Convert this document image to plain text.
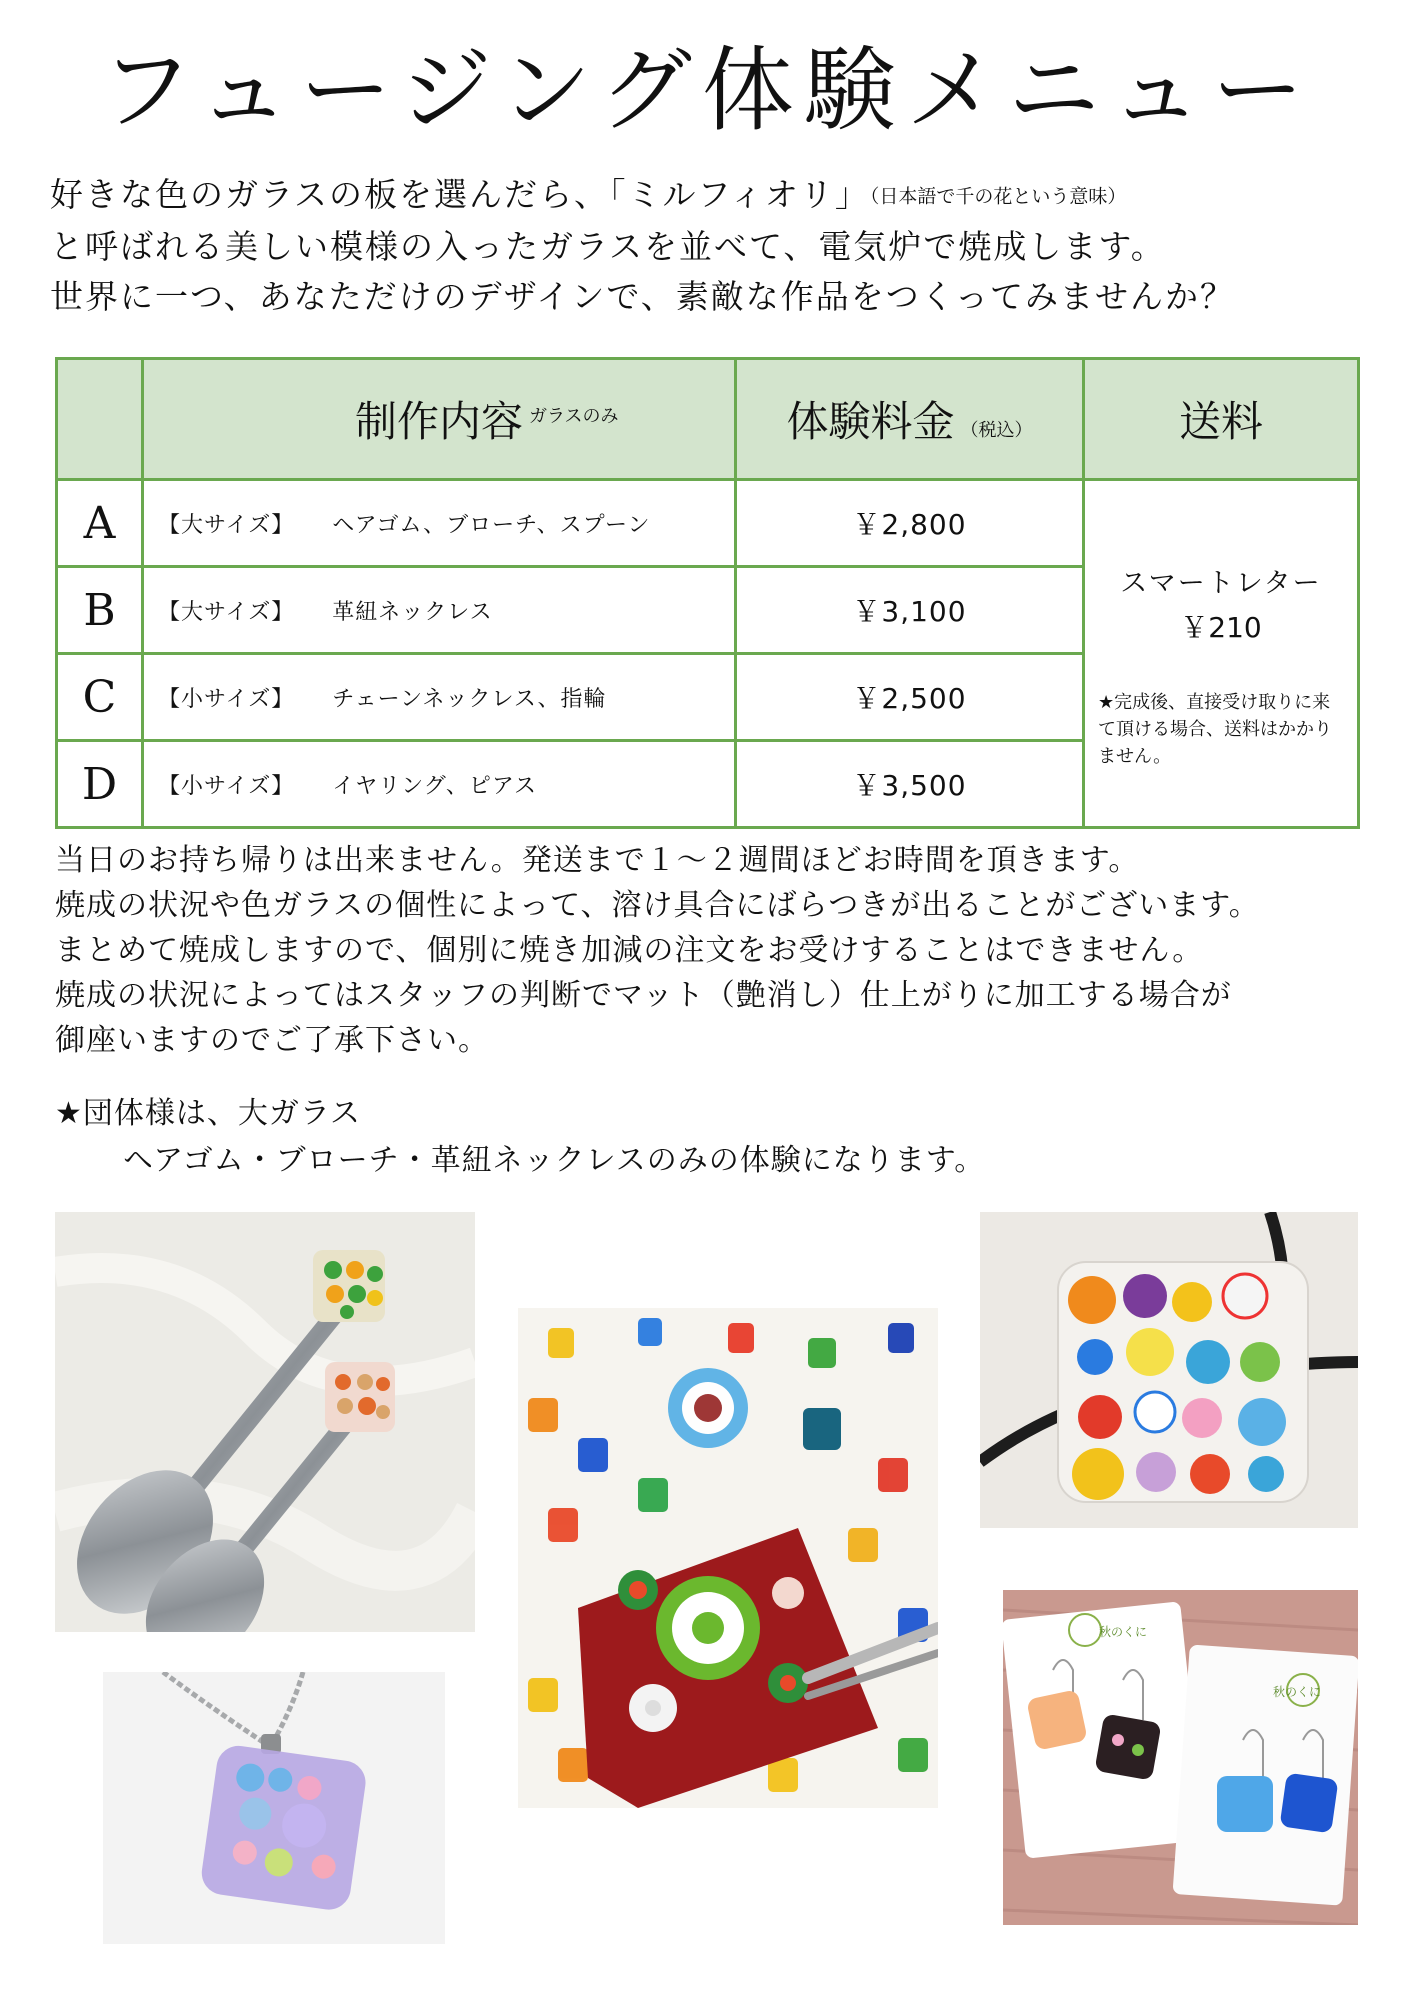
フュージング体験メニュー
好きな色のガラスの板を選んだら、「ミルフィオリ」（日本語で千の花という意味）
と呼ばれる美しい模様の入ったガラスを並べて、電気炉で焼成します。
世界に一つ、あなただけのデザインで、素敵な作品をつくってみませんか？
	制作内容 ガラスのみ	体験料金 （税込）	送料
A	【大サイズ】 ヘアゴム、ブローチ、スプーン	￥2,800	スマートレター
￥210
★完成後、直接受け取りに来て頂ける場合、送料はかかりません。

B	【大サイズ】 革紐ネックレス	￥3,100	
C	【小サイズ】 チェーンネックレス、指輪	￥2,500	
D	【小サイズ】 イヤリング、ピアス	￥3,500	
当日のお持ち帰りは出来ません。発送まで１～２週間ほどお時間を頂きます。
焼成の状況や色ガラスの個性によって、溶け具合にばらつきが出ることがございます。
まとめて焼成しますので、個別に焼き加減の注文をお受けすることはできません。
焼成の状況によってはスタッフの判断でマット（艶消し）仕上がりに加工する場合が
御座いますのでご了承下さい。
★団体様は、大ガラス
ヘアゴム・ブローチ・革紐ネックレスのみの体験になります。
秋のくに
秋のくに
